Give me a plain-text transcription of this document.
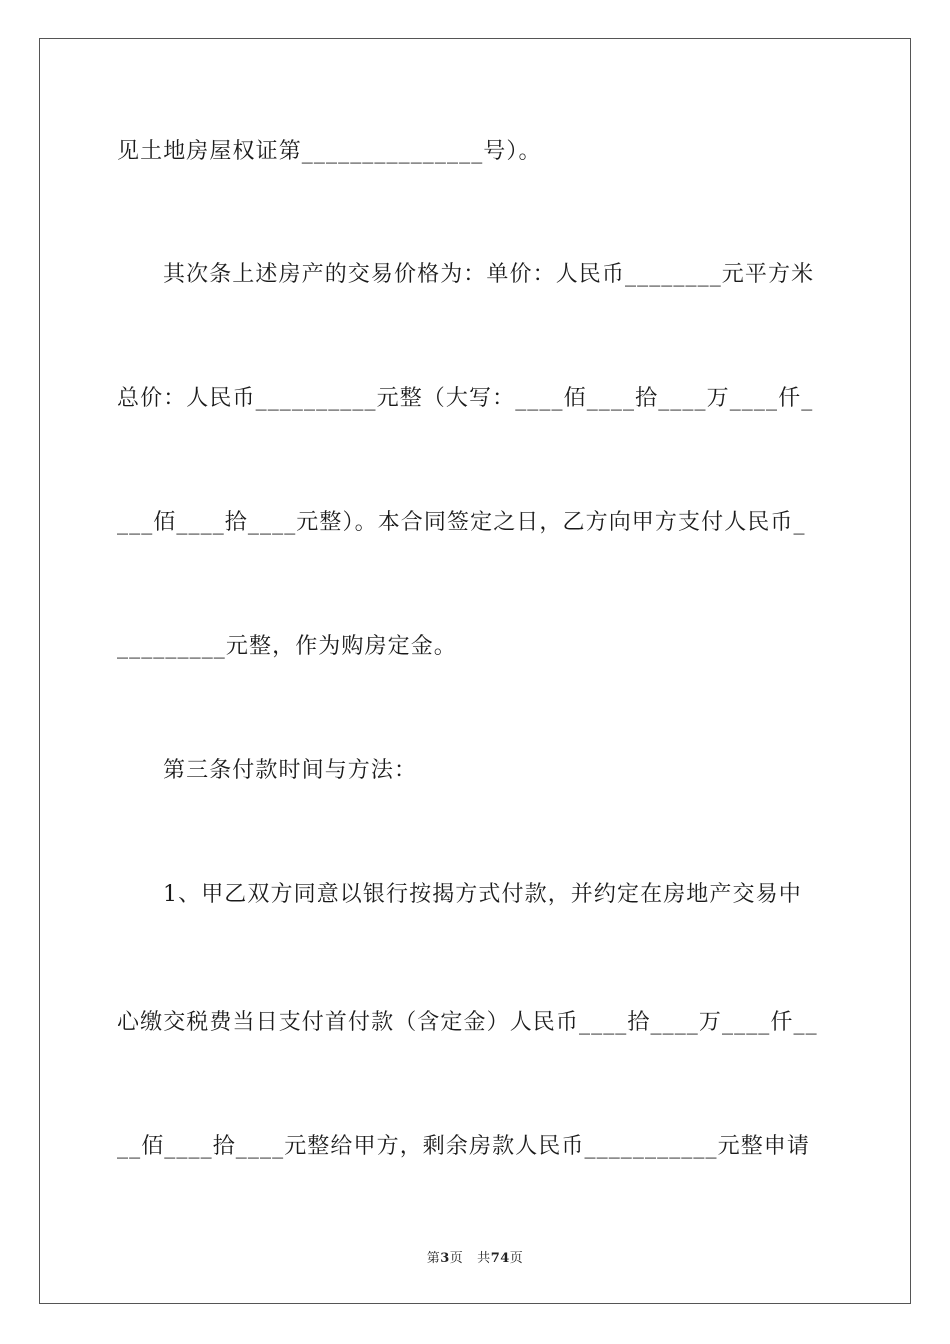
见土地房屋权证第_______________号）。
其次条上述房产的交易价格为：单价：人民币________元平方米
总价：人民币__________元整（大写：____佰____拾____万____仟_
___佰____拾____元整）。本合同签定之日，乙方向甲方支付人民币_
_________元整，作为购房定金。
第三条付款时间与方法：
1、甲乙双方同意以银行按揭方式付款，并约定在房地产交易中
心缴交税费当日支付首付款（含定金）人民币____拾____万____仟__
__佰____拾____元整给甲方，剩余房款人民币___________元整申请
第3页 共74页
